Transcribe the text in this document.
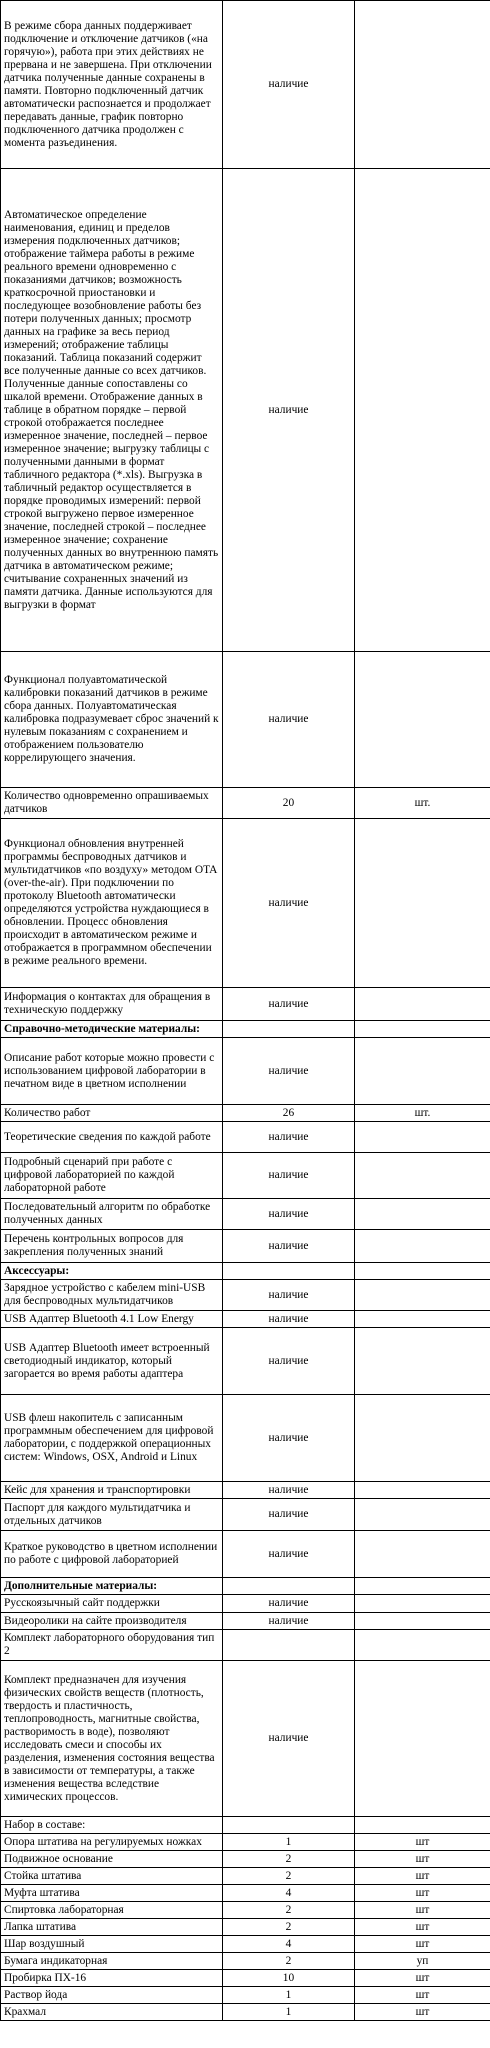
В режиме сбора данных поддерживает подключение и отключение датчиков («на горячую»), работа при этих действиях не прервана и не завершена. При отключении датчика полученные данные сохранены в памяти. Повторно подключенный датчик автоматически распознается и продолжает передавать данные, график повторно подключенного датчика продолжен с момента разъединения.	наличие	

Автоматическое определение наименования, единиц и пределов измерения подключенных датчиков; отображение таймера работы в режиме реального времени одновременно с показаниями датчиков; возможность краткосрочной приостановки и последующее возобновление работы без потери полученных данных; просмотр данных на графике за весь период измерений; отображение таблицы показаний. Таблица показаний содержит все полученные данные со всех датчиков. Полученные данные сопоставлены со шкалой времени. Отображение данных в таблице в обратном порядке – первой строкой отображается последнее измеренное значение, последней – первое измеренное значение; выгрузку таблицы с полученными данными в формат табличного редактора (*.xls). Выгрузка в табличный редактор осуществляется в порядке проводимых измерений: первой строкой выгружено первое измеренное значение, последней строкой – последнее измеренное значение; сохранение полученных данных во внутреннюю память датчика в автоматическом режиме; считывание сохраненных значений из памяти датчика. Данные используются для выгрузки в формат	наличие	

Функционал полуавтоматической калибровки показаний датчиков в режиме сбора данных. Полуавтоматическая калибровка подразумевает сброс значений к нулевым показаниям с сохранением и отображением пользователю коррелирующего значения.	наличие	

Количество одновременно опрашиваемых датчиков	20	шт.

Функционал обновления внутренней программы беспроводных датчиков и мультидатчиков «по воздуху» методом OTA (over-the-air). При подключении по протоколу Bluetooth автоматически определяются устройства нуждающиеся в обновлении. Процесс обновления происходит в автоматическом режиме и отображается в программном обеспечении в режиме реального времени.	наличие	

Информация о контактах для обращения в техническую поддержку	наличие	

Справочно-методические материалы:		

Описание работ которые можно провести с использованием цифровой лаборатории в печатном виде в цветном исполнении	наличие	

Количество работ	26	шт.

Теоретические сведения по каждой работе	наличие	

Подробный сценарий при работе с цифровой лабораторией по каждой лабораторной работе	наличие	

Последовательный алгоритм по обработке полученных данных	наличие	

Перечень контрольных вопросов для закрепления полученных знаний	наличие	

Аксессуары:		

Зарядное устройство с кабелем mini-USB для беспроводных мультидатчиков	наличие	

USB Адаптер Bluetooth 4.1 Low Energy	наличие	

USB Адаптер Bluetooth имеет встроенный светодиодный индикатор, который загорается во время работы адаптера	наличие	

USB флеш накопитель с записанным программным обеспечением для цифровой лаборатории, с поддержкой операционных систем: Windows, OSX, Android и Linux	наличие	

Кейс для хранения и транспортировки	наличие	

Паспорт для каждого мультидатчика и отдельных датчиков	наличие	

Краткое руководство в цветном исполнении по работе с цифровой лабораторией	наличие	

Дополнительные материалы:		

Русскоязычный сайт поддержки	наличие	

Видеоролики на сайте производителя	наличие	

Комплект лабораторного оборудования тип 2		

Комплект предназначен для изучения физических свойств веществ (плотность, твердость и пластичность, теплопроводность, магнитные свойства, растворимость в воде), позволяют исследовать смеси и способы их разделения, изменения состояния вещества в зависимости от температуры, а также изменения вещества вследствие химических процессов.	наличие	

Набор в составе:		

Опора штатива на регулируемых ножках	1	шт

Подвижное основание	2	шт

Стойка штатива	2	шт

Муфта штатива	4	шт

Спиртовка лабораторная	2	шт

Лапка штатива	2	шт

Шар воздушный	4	шт

Бумага индикаторная	2	уп

Пробирка ПХ-16	10	шт

Раствор йода	1	шт

Крахмал	1	шт
